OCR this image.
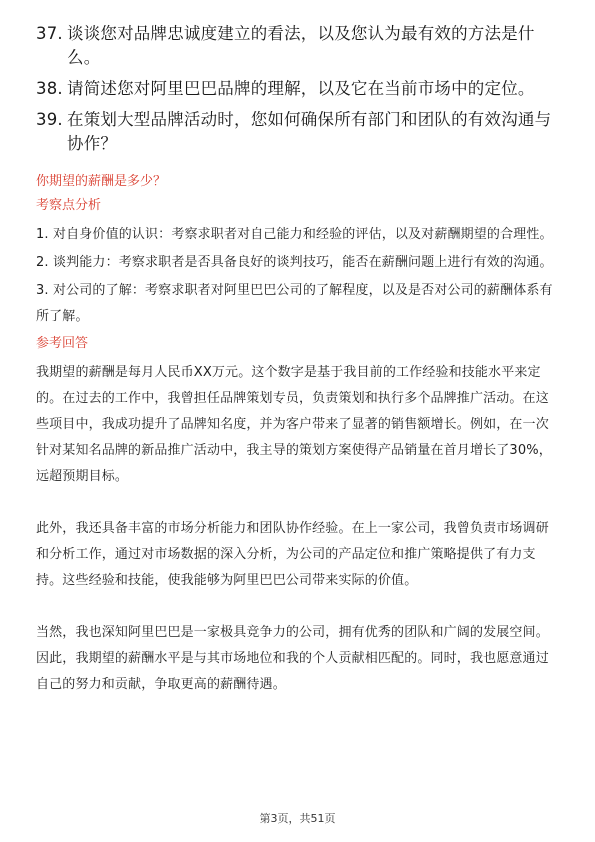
37. 谈谈您对品牌忠诚度建立的看法，以及您认为最有效的方法是什么。
38. 请简述您对阿里巴巴品牌的理解，以及它在当前市场中的定位。
39. 在策划大型品牌活动时，您如何确保所有部门和团队的有效沟通与协作？
你期望的薪酬是多少？
考察点分析

1. 对自身价值的认识：考察求职者对自己能力和经验的评估，以及对薪酬期望的合理性。

2. 谈判能力：考察求职者是否具备良好的谈判技巧，能否在薪酬问题上进行有效的沟通。

3. 对公司的了解：考察求职者对阿里巴巴公司的了解程度，以及是否对公司的薪酬体系有所了解。

参考回答

我期望的薪酬是每月人民币XX万元。这个数字是基于我目前的工作经验和技能水平来定的。在过去的工作中，我曾担任品牌策划专员，负责策划和执行多个品牌推广活动。在这些项目中，我成功提升了品牌知名度，并为客户带来了显著的销售额增长。例如，在一次针对某知名品牌的新品推广活动中，我主导的策划方案使得产品销量在首月增长了30%，远超预期目标。

此外，我还具备丰富的市场分析能力和团队协作经验。在上一家公司，我曾负责市场调研和分析工作，通过对市场数据的深入分析，为公司的产品定位和推广策略提供了有力支持。这些经验和技能，使我能够为阿里巴巴公司带来实际的价值。

当然，我也深知阿里巴巴是一家极具竞争力的公司，拥有优秀的团队和广阔的发展空间。因此，我期望的薪酬水平是与其市场地位和我的个人贡献相匹配的。同时，我也愿意通过自己的努力和贡献，争取更高的薪酬待遇。

第3页，共51页
